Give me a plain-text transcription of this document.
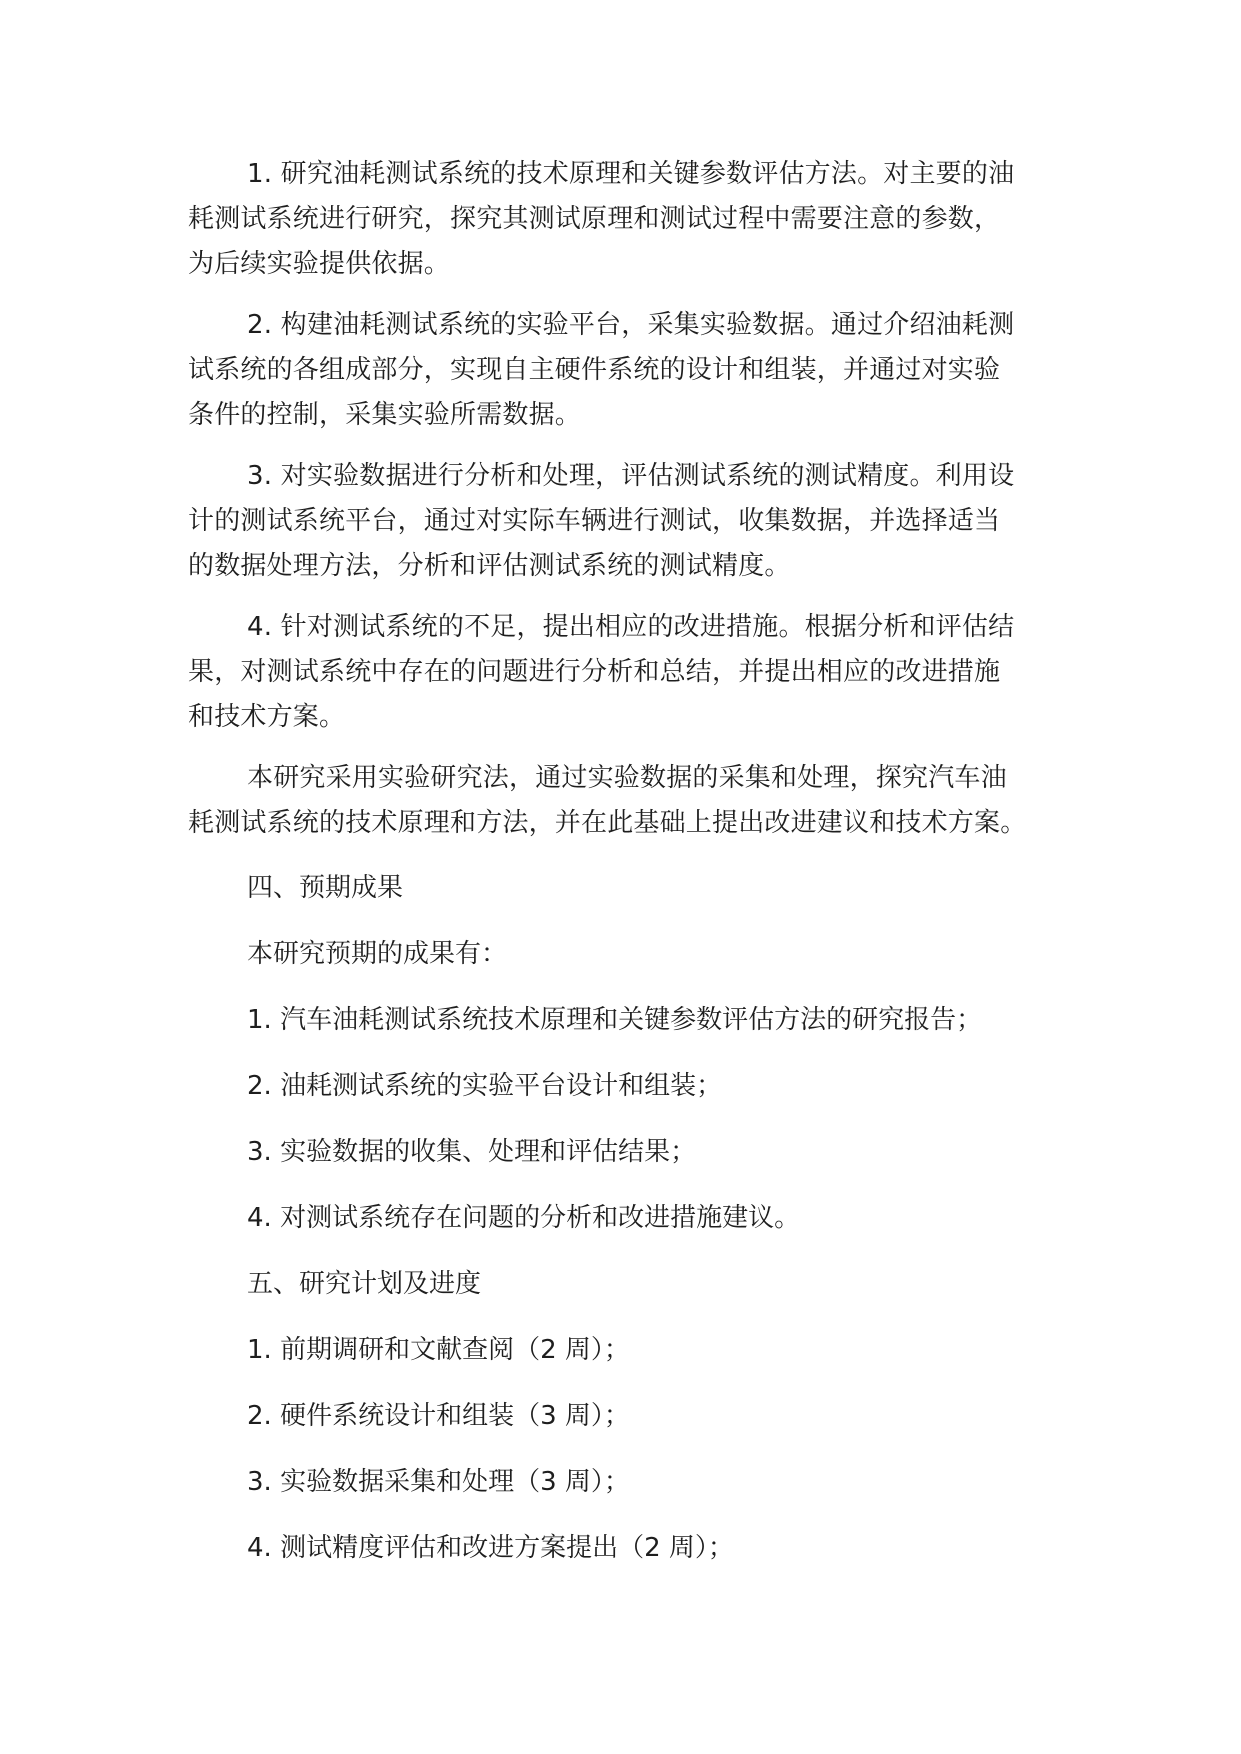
1. 研究油耗测试系统的技术原理和关键参数评估方法。对主要的油
耗测试系统进行研究，探究其测试原理和测试过程中需要注意的参数，
为后续实验提供依据。

2. 构建油耗测试系统的实验平台，采集实验数据。通过介绍油耗测
试系统的各组成部分，实现自主硬件系统的设计和组装，并通过对实验
条件的控制，采集实验所需数据。

3. 对实验数据进行分析和处理，评估测试系统的测试精度。利用设
计的测试系统平台，通过对实际车辆进行测试，收集数据，并选择适当
的数据处理方法，分析和评估测试系统的测试精度。

4. 针对测试系统的不足，提出相应的改进措施。根据分析和评估结
果，对测试系统中存在的问题进行分析和总结，并提出相应的改进措施
和技术方案。

本研究采用实验研究法，通过实验数据的采集和处理，探究汽车油
耗测试系统的技术原理和方法，并在此基础上提出改进建议和技术方案。

四、预期成果

本研究预期的成果有：

1. 汽车油耗测试系统技术原理和关键参数评估方法的研究报告；

2. 油耗测试系统的实验平台设计和组装；

3. 实验数据的收集、处理和评估结果；

4. 对测试系统存在问题的分析和改进措施建议。

五、研究计划及进度

1. 前期调研和文献查阅（2 周）；

2. 硬件系统设计和组装（3 周）；

3. 实验数据采集和处理（3 周）；

4. 测试精度评估和改进方案提出（2 周）；
